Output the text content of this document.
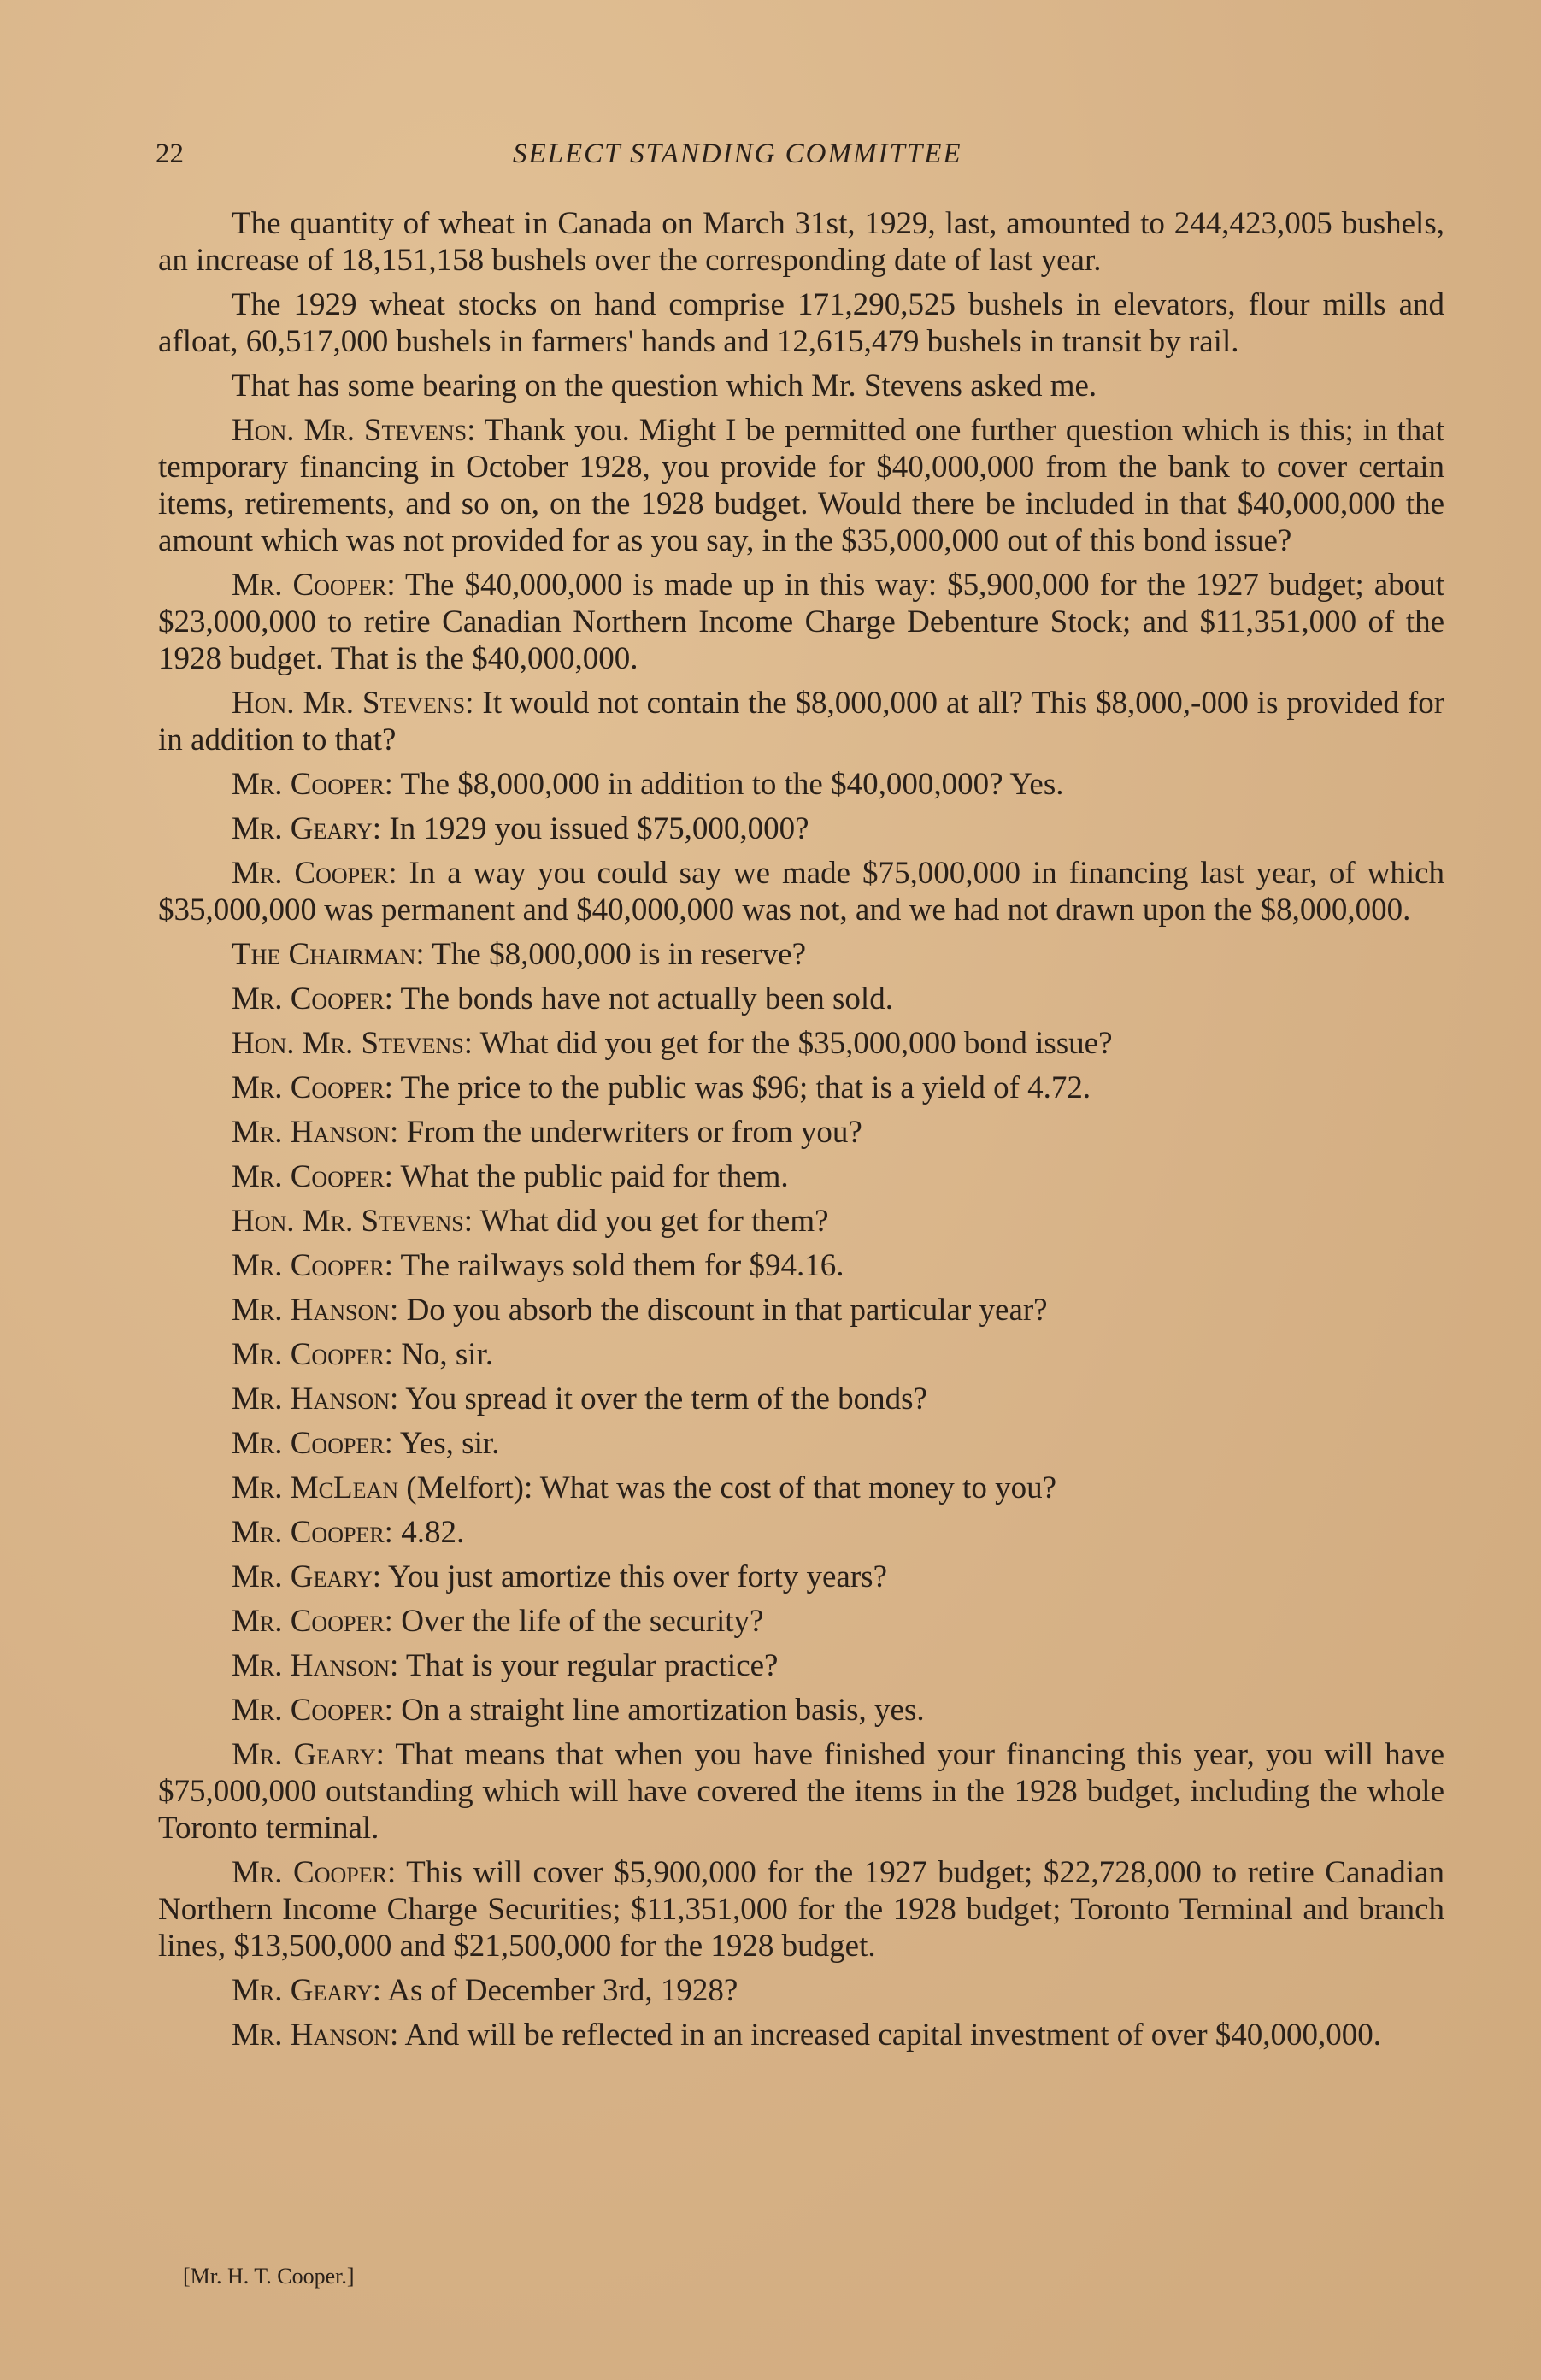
22	SELECT STANDING COMMITTEE

The quantity of wheat in Canada on March 31st, 1929, last, amounted to 244,423,005 bushels, an increase of 18,151,158 bushels over the corresponding date of last year.

The 1929 wheat stocks on hand comprise 171,290,525 bushels in elevators, flour mills and afloat, 60,517,000 bushels in farmers' hands and 12,615,479 bushels in transit by rail.

That has some bearing on the question which Mr. Stevens asked me.

Hon. Mr. Stevens: Thank you. Might I be permitted one further question which is this; in that temporary financing in October 1928, you provide for $40,000,000 from the bank to cover certain items, retirements, and so on, on the 1928 budget. Would there be included in that $40,000,000 the amount which was not provided for as you say, in the $35,000,000 out of this bond issue?

Mr. Cooper: The $40,000,000 is made up in this way: $5,900,000 for the 1927 budget; about $23,000,000 to retire Canadian Northern Income Charge Debenture Stock; and $11,351,000 of the 1928 budget. That is the $40,000,000.

Hon. Mr. Stevens: It would not contain the $8,000,000 at all? This $8,000,-000 is provided for in addition to that?

Mr. Cooper: The $8,000,000 in addition to the $40,000,000? Yes.

Mr. Geary: In 1929 you issued $75,000,000?

Mr. Cooper: In a way you could say we made $75,000,000 in financing last year, of which $35,000,000 was permanent and $40,000,000 was not, and we had not drawn upon the $8,000,000.

The Chairman: The $8,000,000 is in reserve?

Mr. Cooper: The bonds have not actually been sold.

Hon. Mr. Stevens: What did you get for the $35,000,000 bond issue?

Mr. Cooper: The price to the public was $96; that is a yield of 4.72.

Mr. Hanson: From the underwriters or from you?

Mr. Cooper: What the public paid for them.

Hon. Mr. Stevens: What did you get for them?

Mr. Cooper: The railways sold them for $94.16.

Mr. Hanson: Do you absorb the discount in that particular year?

Mr. Cooper: No, sir.

Mr. Hanson: You spread it over the term of the bonds?

Mr. Cooper: Yes, sir.

Mr. McLean (Melfort): What was the cost of that money to you?

Mr. Cooper: 4.82.

Mr. Geary: You just amortize this over forty years?

Mr. Cooper: Over the life of the security?

Mr. Hanson: That is your regular practice?

Mr. Cooper: On a straight line amortization basis, yes.

Mr. Geary: That means that when you have finished your financing this year, you will have $75,000,000 outstanding which will have covered the items in the 1928 budget, including the whole Toronto terminal.

Mr. Cooper: This will cover $5,900,000 for the 1927 budget; $22,728,000 to retire Canadian Northern Income Charge Securities; $11,351,000 for the 1928 budget; Toronto Terminal and branch lines, $13,500,000 and $21,500,000 for the 1928 budget.

Mr. Geary: As of December 3rd, 1928?

Mr. Hanson: And will be reflected in an increased capital investment of over $40,000,000.

[Mr. H. T. Cooper.]
